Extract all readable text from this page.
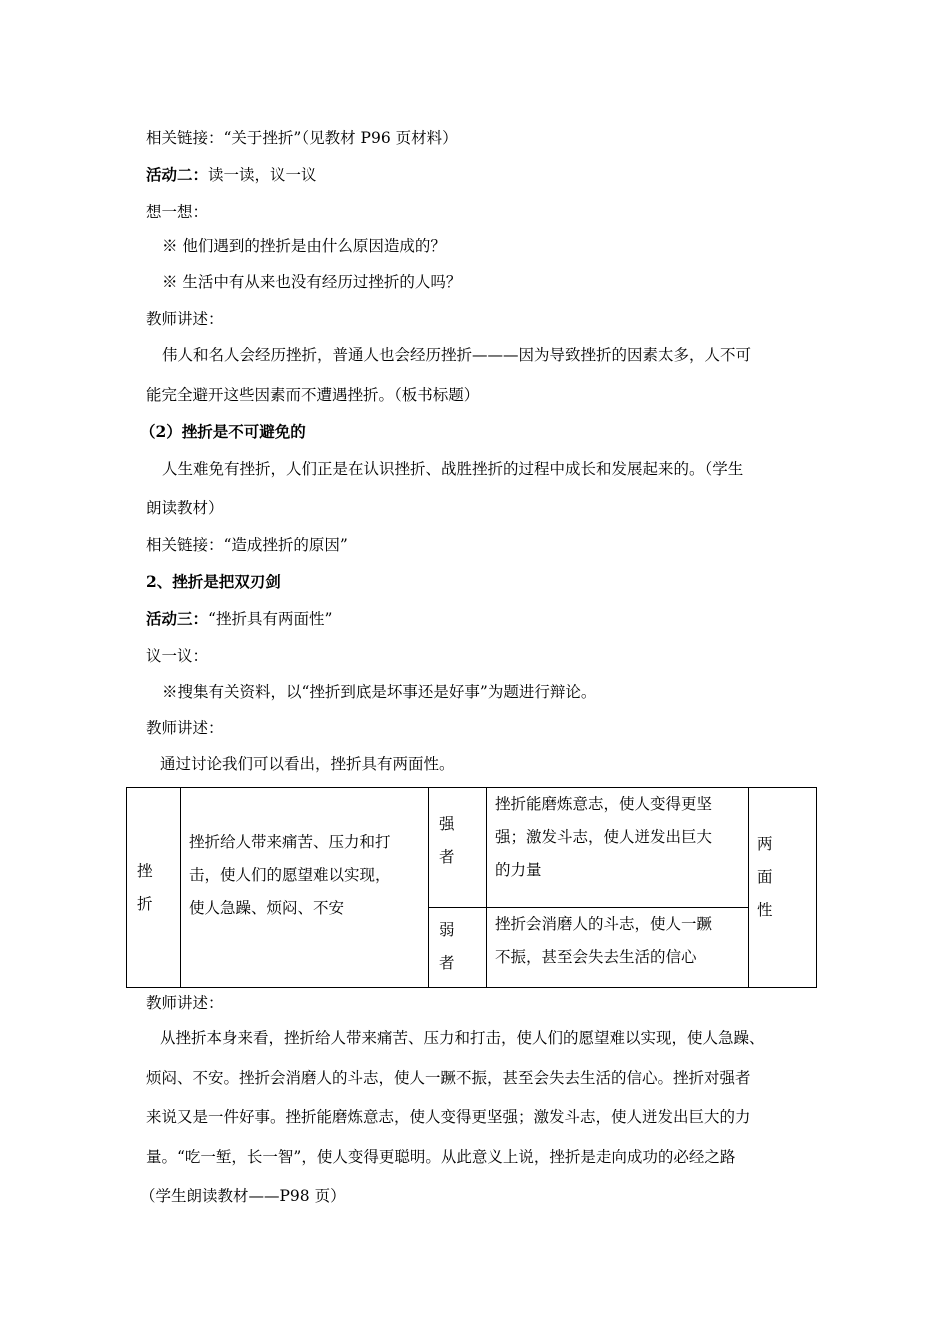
相关链接：“关于挫折”（见教材 P96 页材料）
活动二：读一读，议一议
想一想：
※ 他们遇到的挫折是由什么原因造成的？
※ 生活中有从来也没有经历过挫折的人吗？
教师讲述：
伟人和名人会经历挫折，普通人也会经历挫折———因为导致挫折的因素太多，人不可
能完全避开这些因素而不遭遇挫折。（板书标题）
（2）挫折是不可避免的
人生难免有挫折，人们正是在认识挫折、战胜挫折的过程中成长和发展起来的。（学生
朗读教材）
相关链接：“造成挫折的原因”
2、挫折是把双刃剑
活动三：“挫折具有两面性”
议一议：
※搜集有关资料，以“挫折到底是坏事还是好事”为题进行辩论。
教师讲述：
通过讨论我们可以看出，挫折具有两面性。
挫
折	挫折给人带来痛苦、压力和打
击，使人们的愿望难以实现，
使人急躁、烦闷、不安	强
者	挫折能磨炼意志，使人变得更坚
强；激发斗志，使人迸发出巨大
的力量	两
面
性

		弱
者	挫折会消磨人的斗志，使人一蹶
不振，甚至会失去生活的信心	
教师讲述：
从挫折本身来看，挫折给人带来痛苦、压力和打击，使人们的愿望难以实现，使人急躁、
烦闷、不安。挫折会消磨人的斗志，使人一蹶不振，甚至会失去生活的信心。挫折对强者
来说又是一件好事。挫折能磨炼意志，使人变得更坚强；激发斗志，使人迸发出巨大的力
量。“吃一堑，长一智”，使人变得更聪明。从此意义上说，挫折是走向成功的必经之路
（学生朗读教材——P98 页）
